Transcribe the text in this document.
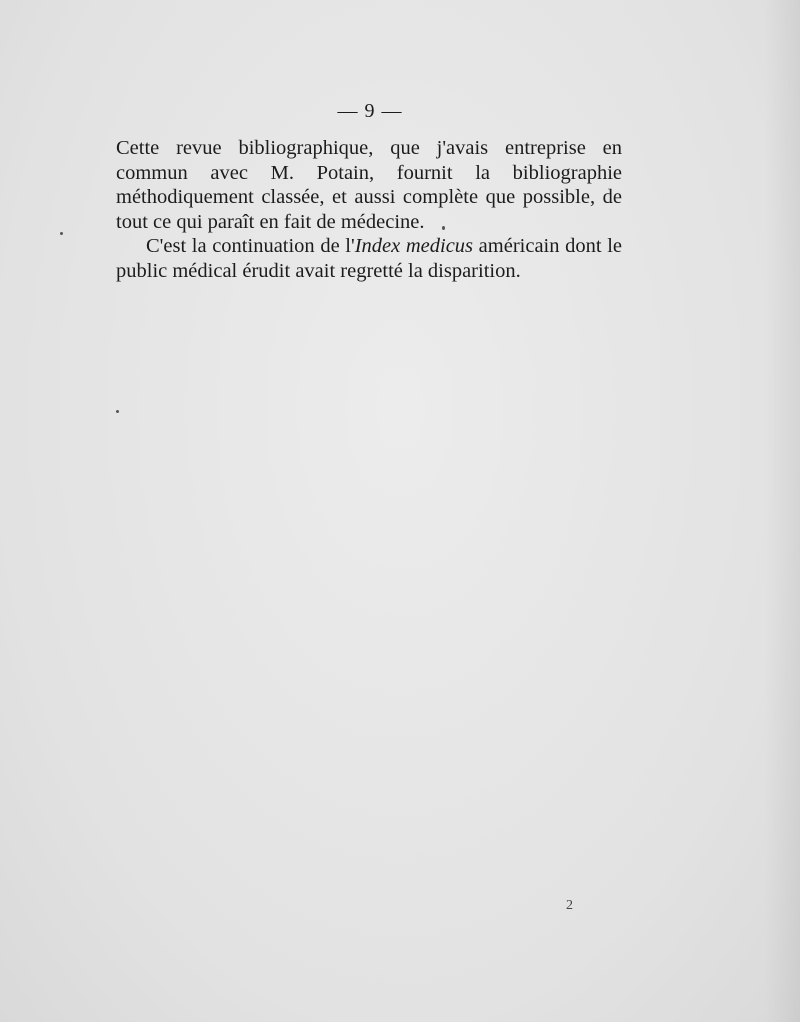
— 9 —

Cette revue bibliographique, que j'avais entreprise en commun avec M. Potain, fournit la bibliographie méthodiquement classée, et aussi complète que possible, de tout ce qui paraît en fait de médecine.

C'est la continuation de l'Index medicus américain dont le public médical érudit avait regretté la disparition.

2
